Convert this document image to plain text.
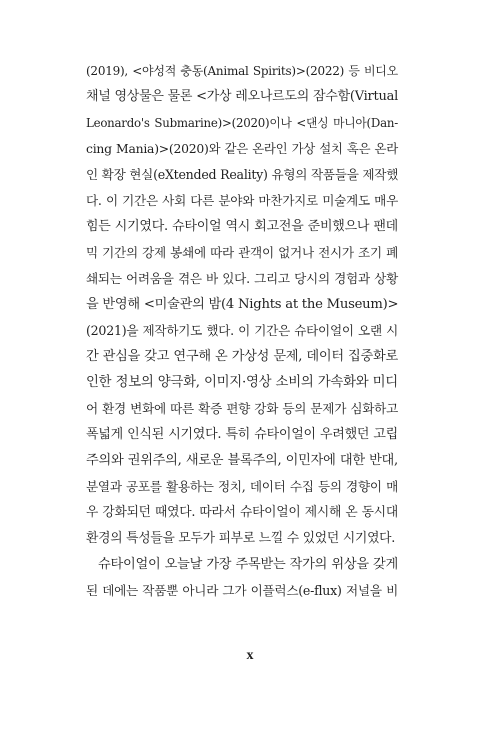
(2019), <야성적 충동(Animal Spirits)>(2022) 등 비디오
채널 영상물은 물론 <가상 레오나르도의 잠수함(Virtual
Leonardo's Submarine)>(2020)이나 <댄싱 마니아(Dan-
cing Mania)>(2020)와 같은 온라인 가상 설치 혹은 온라
인 확장 현실(eXtended Reality) 유형의 작품들을 제작했
다. 이 기간은 사회 다른 분야와 마찬가지로 미술계도 매우
힘든 시기였다. 슈타이얼 역시 회고전을 준비했으나 팬데
믹 기간의 강제 봉쇄에 따라 관객이 없거나 전시가 조기 폐
쇄되는 어려움을 겪은 바 있다. 그리고 당시의 경험과 상황
을 반영해 <미술관의 밤(4 Nights at the Museum)>
(2021)을 제작하기도 했다. 이 기간은 슈타이얼이 오랜 시
간 관심을 갖고 연구해 온 가상성 문제, 데이터 집중화로
인한 정보의 양극화, 이미지·영상 소비의 가속화와 미디
어 환경 변화에 따른 확증 편향 강화 등의 문제가 심화하고
폭넓게 인식된 시기였다. 특히 슈타이얼이 우려했던 고립
주의와 권위주의, 새로운 블록주의, 이민자에 대한 반대,
분열과 공포를 활용하는 정치, 데이터 수집 등의 경향이 매
우 강화되던 때였다. 따라서 슈타이얼이 제시해 온 동시대
환경의 특성들을 모두가 피부로 느낄 수 있었던 시기였다.
슈타이얼이 오늘날 가장 주목받는 작가의 위상을 갖게
된 데에는 작품뿐 아니라 그가 이플럭스(e-flux) 저널을 비
x
